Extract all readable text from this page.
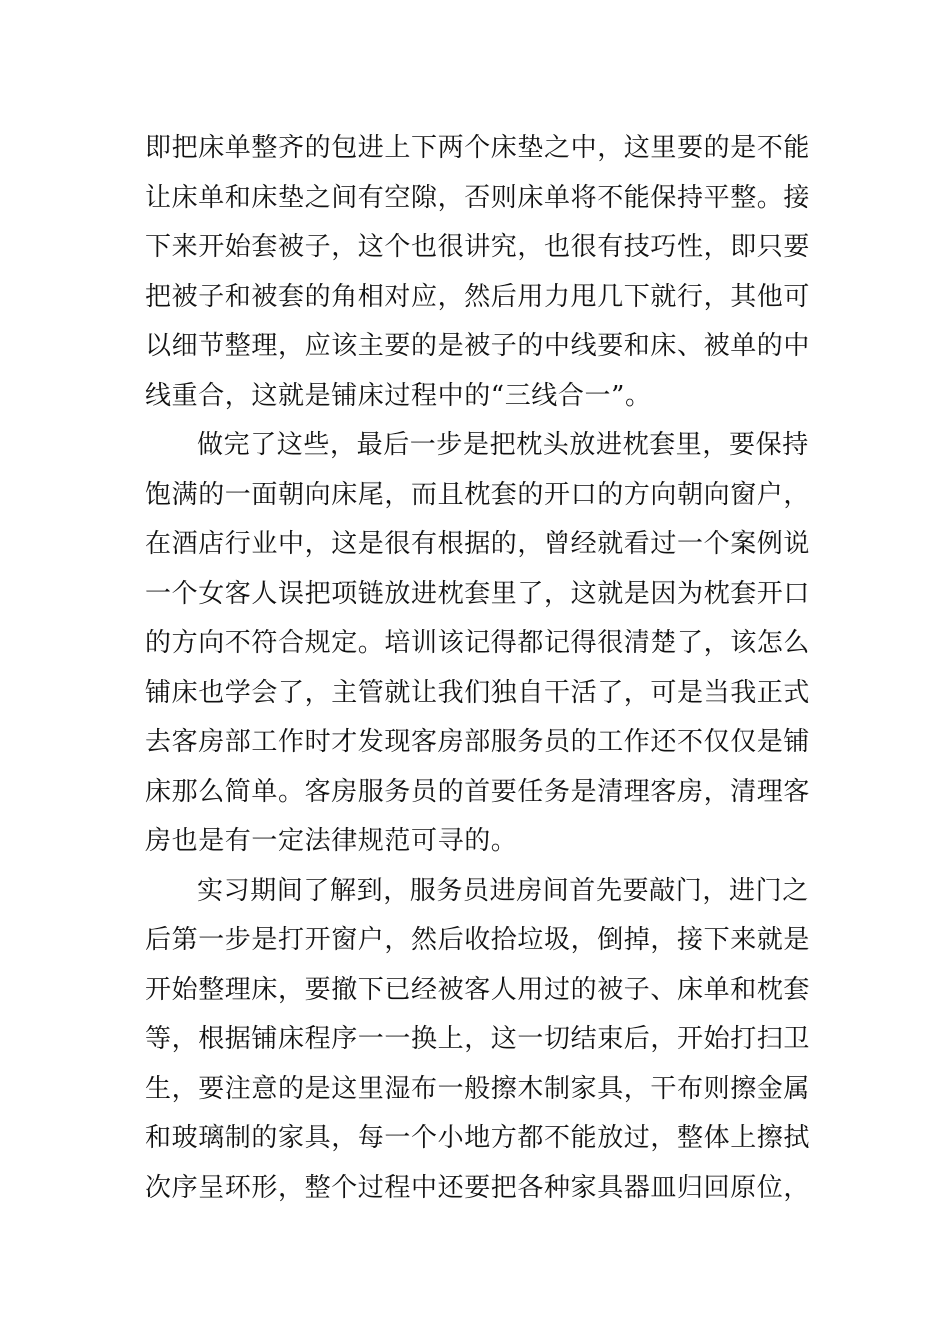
即把床单整齐的包进上下两个床垫之中，这里要的是不能
让床单和床垫之间有空隙，否则床单将不能保持平整。接
下来开始套被子，这个也很讲究，也很有技巧性，即只要
把被子和被套的角相对应，然后用力甩几下就行，其他可
以细节整理，应该主要的是被子的中线要和床、被单的中
线重合，这就是铺床过程中的“三线合一”。
做完了这些，最后一步是把枕头放进枕套里，要保持
饱满的一面朝向床尾，而且枕套的开口的方向朝向窗户，
在酒店行业中，这是很有根据的，曾经就看过一个案例说
一个女客人误把项链放进枕套里了，这就是因为枕套开口
的方向不符合规定。培训该记得都记得很清楚了，该怎么
铺床也学会了，主管就让我们独自干活了，可是当我正式
去客房部工作时才发现客房部服务员的工作还不仅仅是铺
床那么简单。客房服务员的首要任务是清理客房，清理客
房也是有一定法律规范可寻的。
实习期间了解到，服务员进房间首先要敲门，进门之
后第一步是打开窗户，然后收拾垃圾，倒掉，接下来就是
开始整理床，要撤下已经被客人用过的被子、床单和枕套
等，根据铺床程序一一换上，这一切结束后，开始打扫卫
生，要注意的是这里湿布一般擦木制家具，干布则擦金属
和玻璃制的家具，每一个小地方都不能放过，整体上擦拭
次序呈环形，整个过程中还要把各种家具器皿归回原位，
